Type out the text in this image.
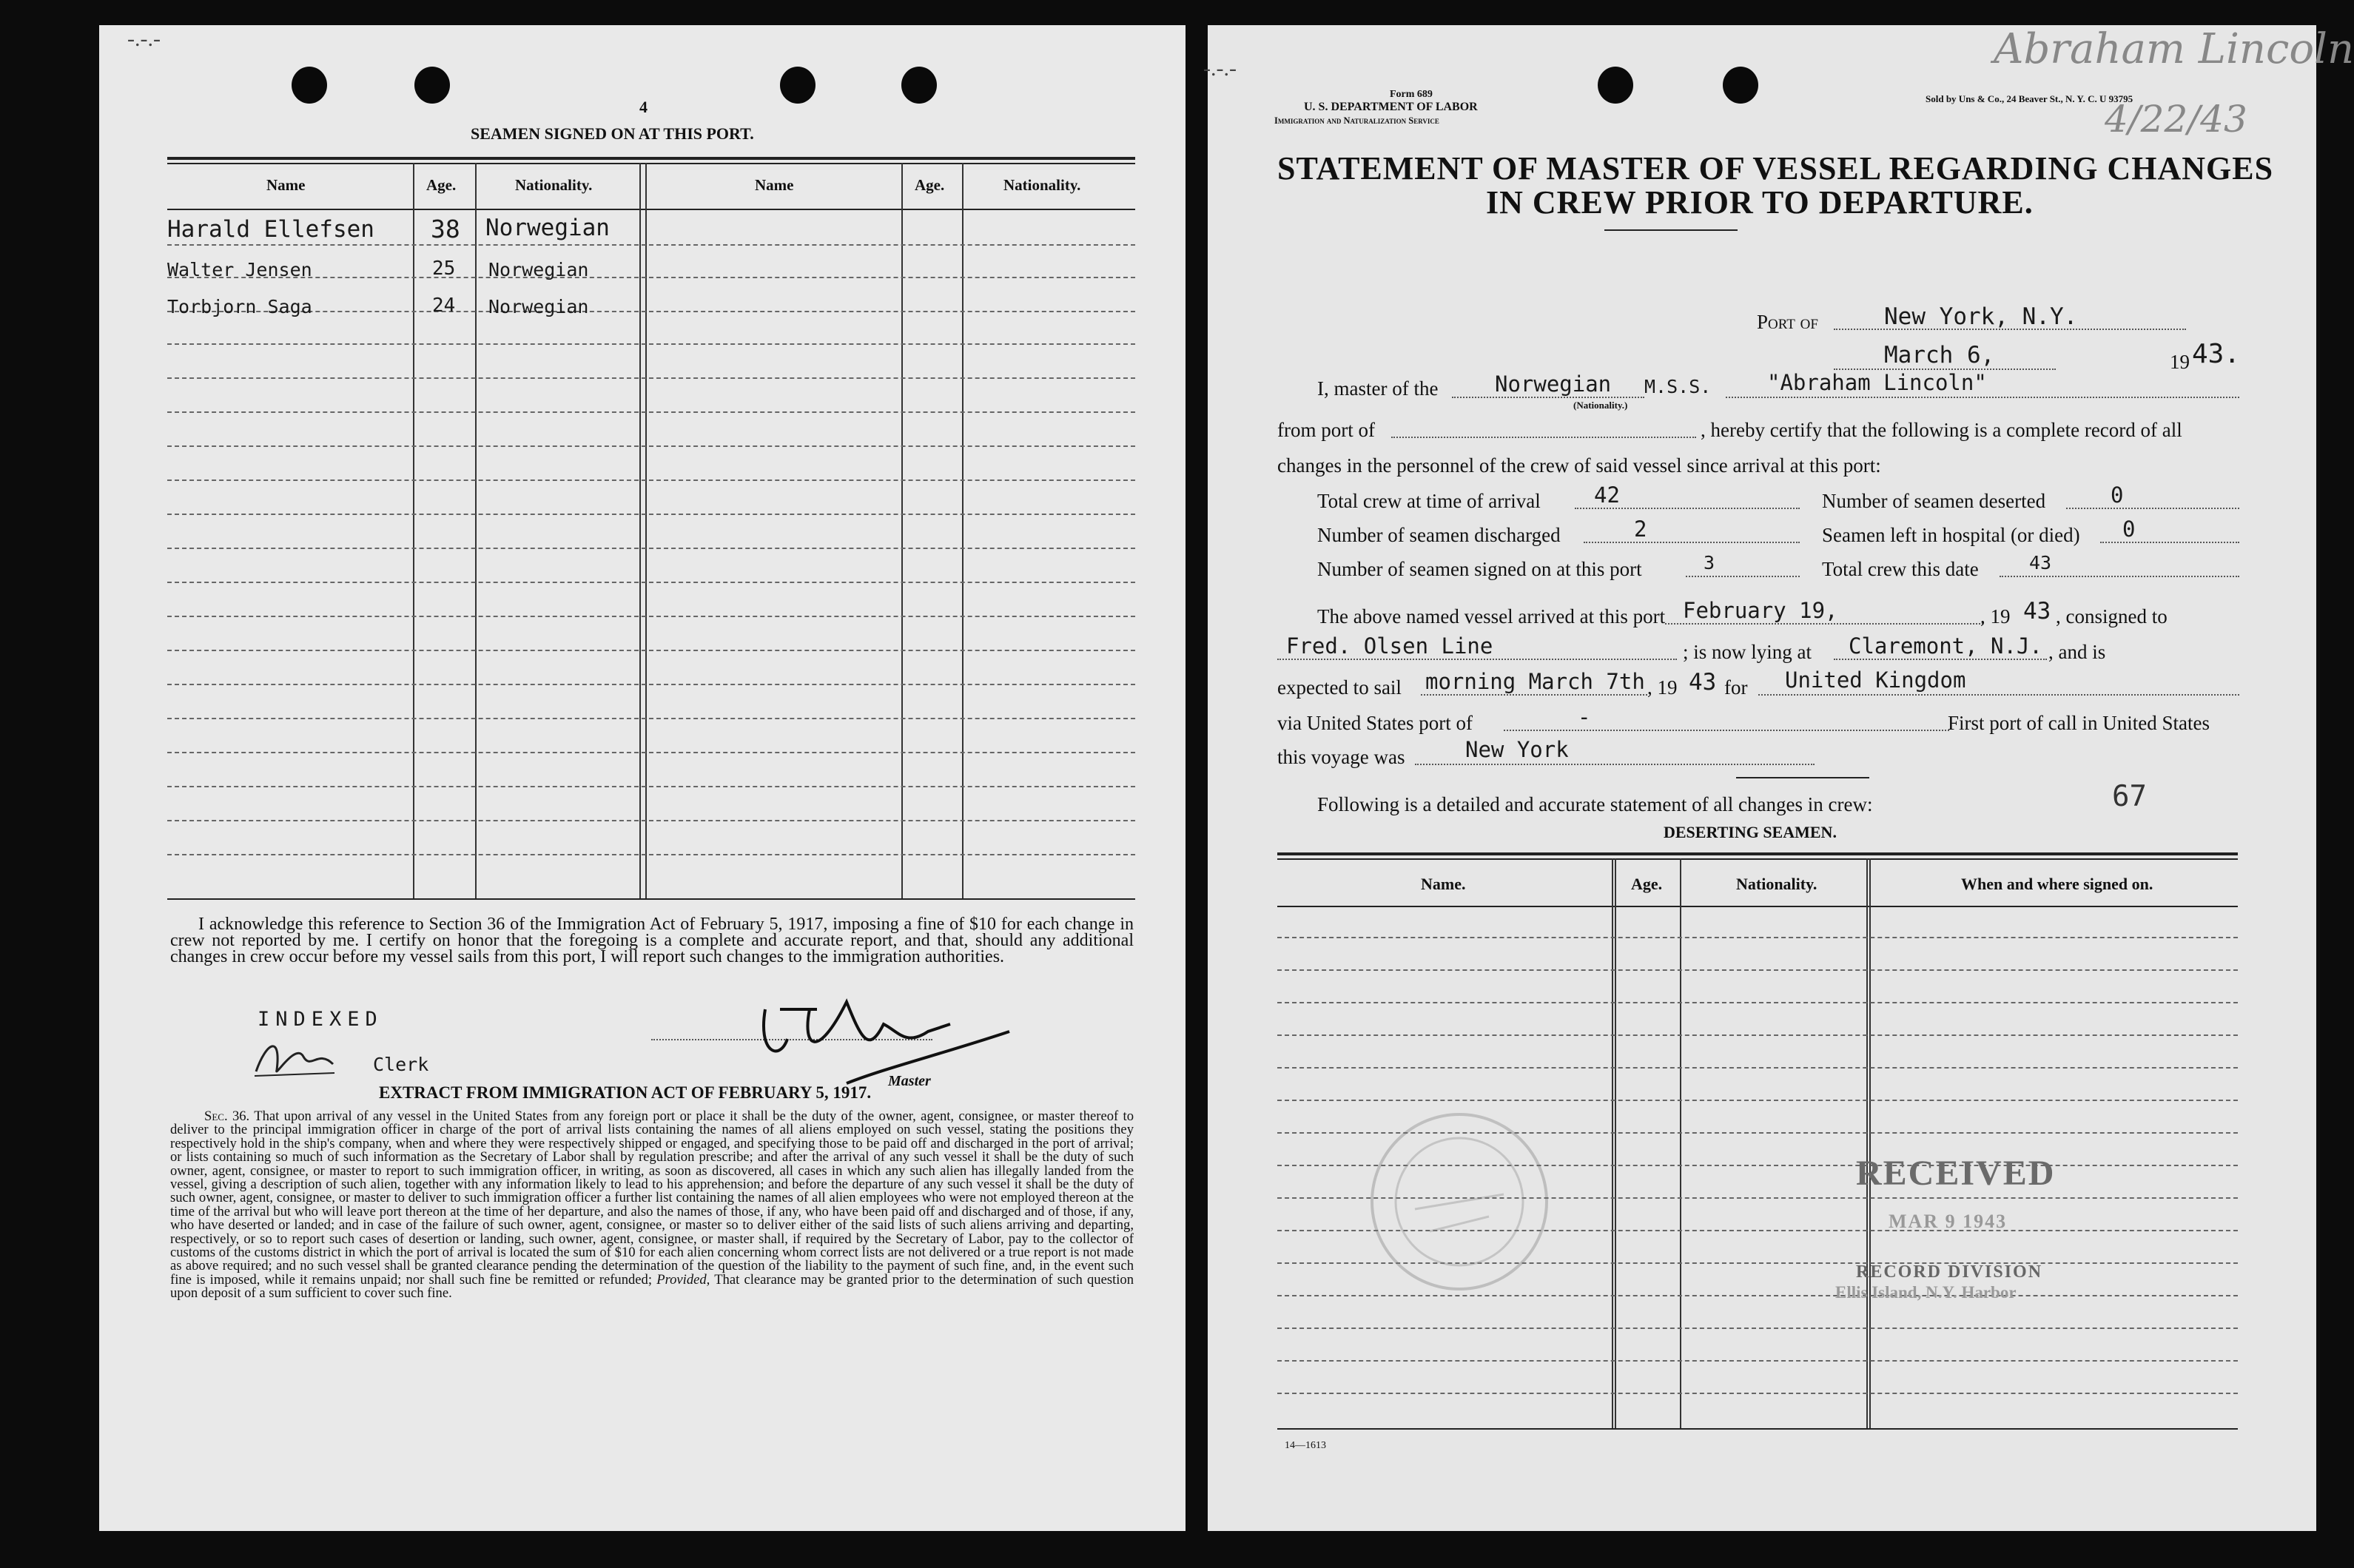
-.-.-
4
SEAMEN SIGNED ON AT THIS PORT.
Name	Age.	Nationality.	Name	Age.	Nationality.
Harald Ellefsen 38 Norwegian
Walter Jensen	25 Norwegian
Torbjorn Saga	24 Norwegian
I acknowledge this reference to Section 36 of the Immigration Act of February 5, 1917, imposing a fine of $10 for each change in crew not reported by me. I certify on honor that the foregoing is a complete and accurate report, and that, should any additional changes in crew occur before my vessel sails from this port, I will report such changes to the immigration authorities.
INDEXED
Clerk
Master
EXTRACT FROM IMMIGRATION ACT OF FEBRUARY 5, 1917.
Sec. 36. That upon arrival of any vessel in the United States from any foreign port or place it shall be the duty of the owner, agent, consignee, or master thereof to deliver to the principal immigration officer in charge of the port of arrival lists containing the names of all aliens employed on such vessel, stating the positions they respectively hold in the ship's company, when and where they were respectively shipped or engaged, and specifying those to be paid off and discharged in the port of arrival; or lists containing so much of such information as the Secretary of Labor shall by regulation prescribe; and after the arrival of any such vessel it shall be the duty of such owner, agent, consignee, or master to report to such immigration officer, in writing, as soon as discovered, all cases in which any such alien has illegally landed from the vessel, giving a description of such alien, together with any information likely to lead to his apprehension; and before the departure of any such vessel it shall be the duty of such owner, agent, consignee, or master to deliver to such immigration officer a further list containing the names of all alien employees who were not employed thereon at the time of the arrival but who will leave port thereon at the time of her departure, and also the names of those, if any, who have been paid off and discharged and of those, if any, who have deserted or landed; and in case of the failure of such owner, agent, consignee, or master so to deliver either of the said lists of such aliens arriving and departing, respectively, or so to report such cases of desertion or landing, such owner, agent, consignee, or master shall, if required by the Secretary of Labor, pay to the collector of customs of the customs district in which the port of arrival is located the sum of $10 for each alien concerning whom correct lists are not delivered or a true report is not made as above required; and no such vessel shall be granted clearance pending the determination of the question of the liability to the payment of such fine, and, in the event such fine is imposed, while it remains unpaid; nor shall such fine be remitted or refunded; Provided, That clearance may be granted prior to the determination of such question upon deposit of a sum sufficient to cover such fine.
-.-.-
Form 689
U. S. DEPARTMENT OF LABOR
Immigration and Naturalization Service
Sold by Uns & Co., 24 Beaver St., N. Y. C. U 93795
Abraham Lincoln
4/22/43
STATEMENT OF MASTER OF VESSEL REGARDING CHANGES
IN CREW PRIOR TO DEPARTURE.
Port of	New York, N.Y.
March 6,	19 43.
I, master of the	Norwegian
(Nationality.)
M.S.S.	"Abraham Lincoln"
from port of	, hereby certify that the following is a complete record of all
changes in the personnel of the crew of said vessel since arrival at this port:
Total crew at time of arrival 42	Number of seamen deserted	0
Number of seamen discharged	2	Seamen left in hospital (or died) 0
Number of seamen signed on at this port	3	Total crew this date	43
The above named vessel arrived at this port February 19,	, 19 43 , consigned to
Fred. Olsen Line	; is now lying at Claremont, N.J. , and is
expected to sail morning March 7th , 19 43 for United Kingdom
via United States port of	-	First port of call in United States
this voyage was	New York
Following is a detailed and accurate statement of all changes in crew:	67
DESERTING SEAMEN.
Name.	Age.	Nationality.	When and where signed on.
RECEIVED
MAR 9 1943
RECORD DIVISION
Ellis Island, N.Y. Harbor
14—1613
